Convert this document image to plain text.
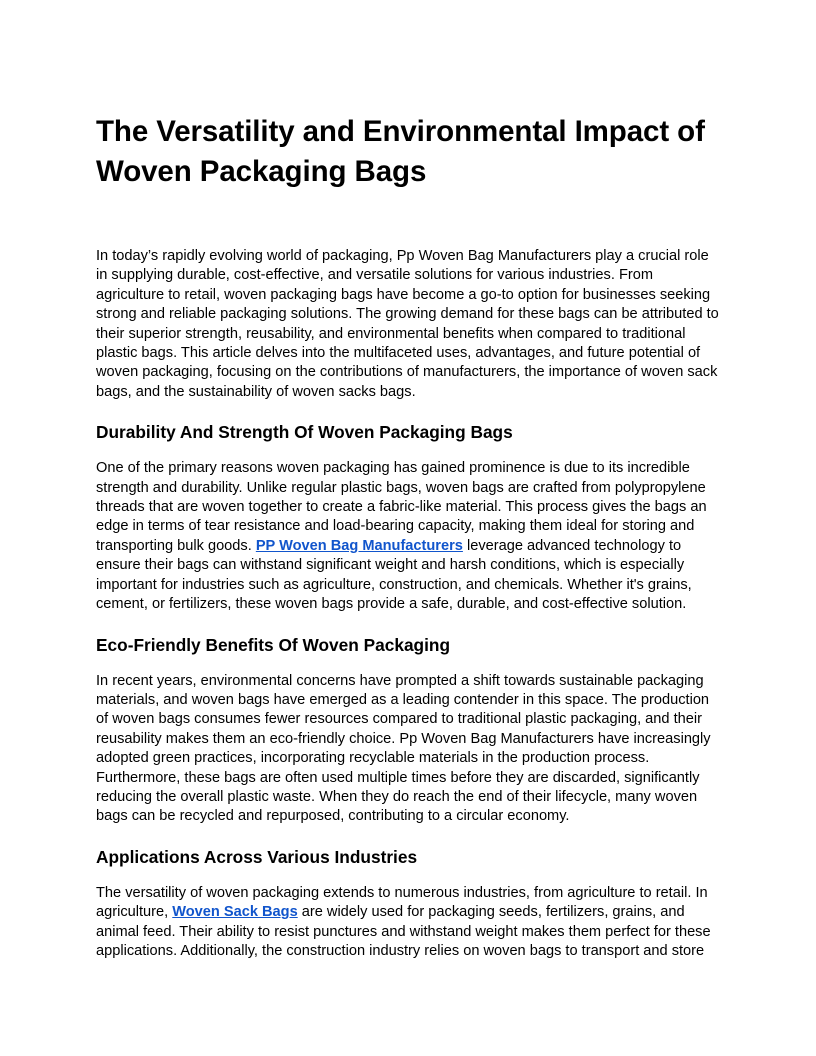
The Versatility and Environmental Impact of Woven Packaging Bags

In today’s rapidly evolving world of packaging, Pp Woven Bag Manufacturers play a crucial role in supplying durable, cost-effective, and versatile solutions for various industries. From agriculture to retail, woven packaging bags have become a go-to option for businesses seeking strong and reliable packaging solutions. The growing demand for these bags can be attributed to their superior strength, reusability, and environmental benefits when compared to traditional plastic bags. This article delves into the multifaceted uses, advantages, and future potential of woven packaging, focusing on the contributions of manufacturers, the importance of woven sack bags, and the sustainability of woven sacks bags.

Durability And Strength Of Woven Packaging Bags

One of the primary reasons woven packaging has gained prominence is due to its incredible strength and durability. Unlike regular plastic bags, woven bags are crafted from polypropylene threads that are woven together to create a fabric-like material. This process gives the bags an edge in terms of tear resistance and load-bearing capacity, making them ideal for storing and transporting bulk goods. PP Woven Bag Manufacturers leverage advanced technology to ensure their bags can withstand significant weight and harsh conditions, which is especially important for industries such as agriculture, construction, and chemicals. Whether it's grains, cement, or fertilizers, these woven bags provide a safe, durable, and cost-effective solution.

Eco-Friendly Benefits Of Woven Packaging

In recent years, environmental concerns have prompted a shift towards sustainable packaging materials, and woven bags have emerged as a leading contender in this space. The production of woven bags consumes fewer resources compared to traditional plastic packaging, and their reusability makes them an eco-friendly choice. Pp Woven Bag Manufacturers have increasingly adopted green practices, incorporating recyclable materials in the production process. Furthermore, these bags are often used multiple times before they are discarded, significantly reducing the overall plastic waste. When they do reach the end of their lifecycle, many woven bags can be recycled and repurposed, contributing to a circular economy.

Applications Across Various Industries

The versatility of woven packaging extends to numerous industries, from agriculture to retail. In agriculture, Woven Sack Bags are widely used for packaging seeds, fertilizers, grains, and animal feed. Their ability to resist punctures and withstand weight makes them perfect for these applications. Additionally, the construction industry relies on woven bags to transport and store
